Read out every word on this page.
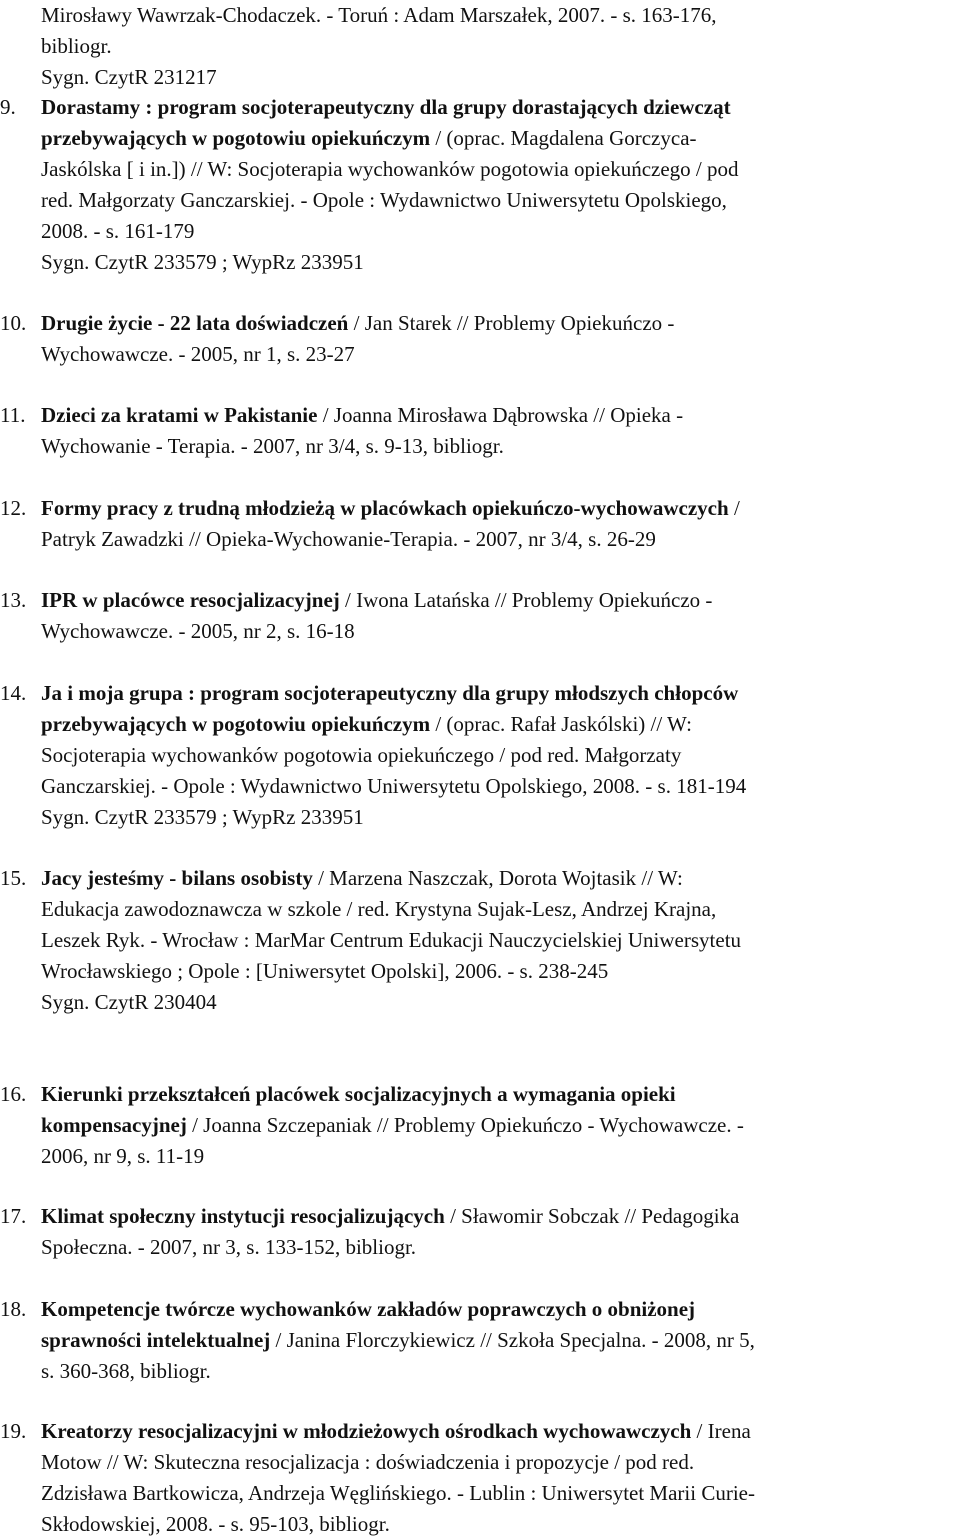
Mirosławy Wawrzak-Chodaczek. - Toruń : Adam Marszałek, 2007. - s. 163-176,
bibliogr.
Sygn. CzytR 231217
9.	Dorastamy : program socjoterapeutyczny dla grupy dorastających dziewcząt
przebywających w pogotowiu opiekuńczym / (oprac. Magdalena Gorczyca-
Jaskólska [ i in.]) // W: Socjoterapia wychowanków pogotowia opiekuńczego / pod
red. Małgorzaty Ganczarskiej. - Opole : Wydawnictwo Uniwersytetu Opolskiego,
2008. - s. 161-179
Sygn. CzytR 233579 ; WypRz 233951
10. Drugie życie - 22 lata doświadczeń / Jan Starek // Problemy Opiekuńczo -
Wychowawcze. - 2005, nr 1, s. 23-27
11. Dzieci za kratami w Pakistanie / Joanna Mirosława Dąbrowska // Opieka -
Wychowanie - Terapia. - 2007, nr 3/4, s. 9-13, bibliogr.
12. Formy pracy z trudną młodzieżą w placówkach opiekuńczo-wychowawczych /
Patryk Zawadzki // Opieka-Wychowanie-Terapia. - 2007, nr 3/4, s. 26-29
13. IPR w placówce resocjalizacyjnej / Iwona Latańska // Problemy Opiekuńczo -
Wychowawcze. - 2005, nr 2, s. 16-18
14. Ja i moja grupa : program socjoterapeutyczny dla grupy młodszych chłopców
przebywających w pogotowiu opiekuńczym / (oprac. Rafał Jaskólski) // W:
Socjoterapia wychowanków pogotowia opiekuńczego / pod red. Małgorzaty
Ganczarskiej. - Opole : Wydawnictwo Uniwersytetu Opolskiego, 2008. - s. 181-194
Sygn. CzytR 233579 ; WypRz 233951
15. Jacy jesteśmy - bilans osobisty / Marzena Naszczak, Dorota Wojtasik // W:
Edukacja zawodoznawcza w szkole / red. Krystyna Sujak-Lesz, Andrzej Krajna,
Leszek Ryk. - Wrocław : MarMar Centrum Edukacji Nauczycielskiej Uniwersytetu
Wrocławskiego ; Opole : [Uniwersytet Opolski], 2006. - s. 238-245
Sygn. CzytR 230404
16. Kierunki przekształceń placówek socjalizacyjnych a wymagania opieki
kompensacyjnej / Joanna Szczepaniak // Problemy Opiekuńczo - Wychowawcze. -
2006, nr 9, s. 11-19
17. Klimat społeczny instytucji resocjalizujących / Sławomir Sobczak // Pedagogika
Społeczna. - 2007, nr 3, s. 133-152, bibliogr.
18. Kompetencje twórcze wychowanków zakładów poprawczych o obniżonej
sprawności intelektualnej / Janina Florczykiewicz // Szkoła Specjalna. - 2008, nr 5,
s. 360-368, bibliogr.
19. Kreatorzy resocjalizacyjni w młodzieżowych ośrodkach wychowawczych / Irena
Motow // W: Skuteczna resocjalizacja : doświadczenia i propozycje / pod red.
Zdzisława Bartkowicza, Andrzeja Węglińskiego. - Lublin : Uniwersytet Marii Curie-
Skłodowskiej, 2008. - s. 95-103, bibliogr.
